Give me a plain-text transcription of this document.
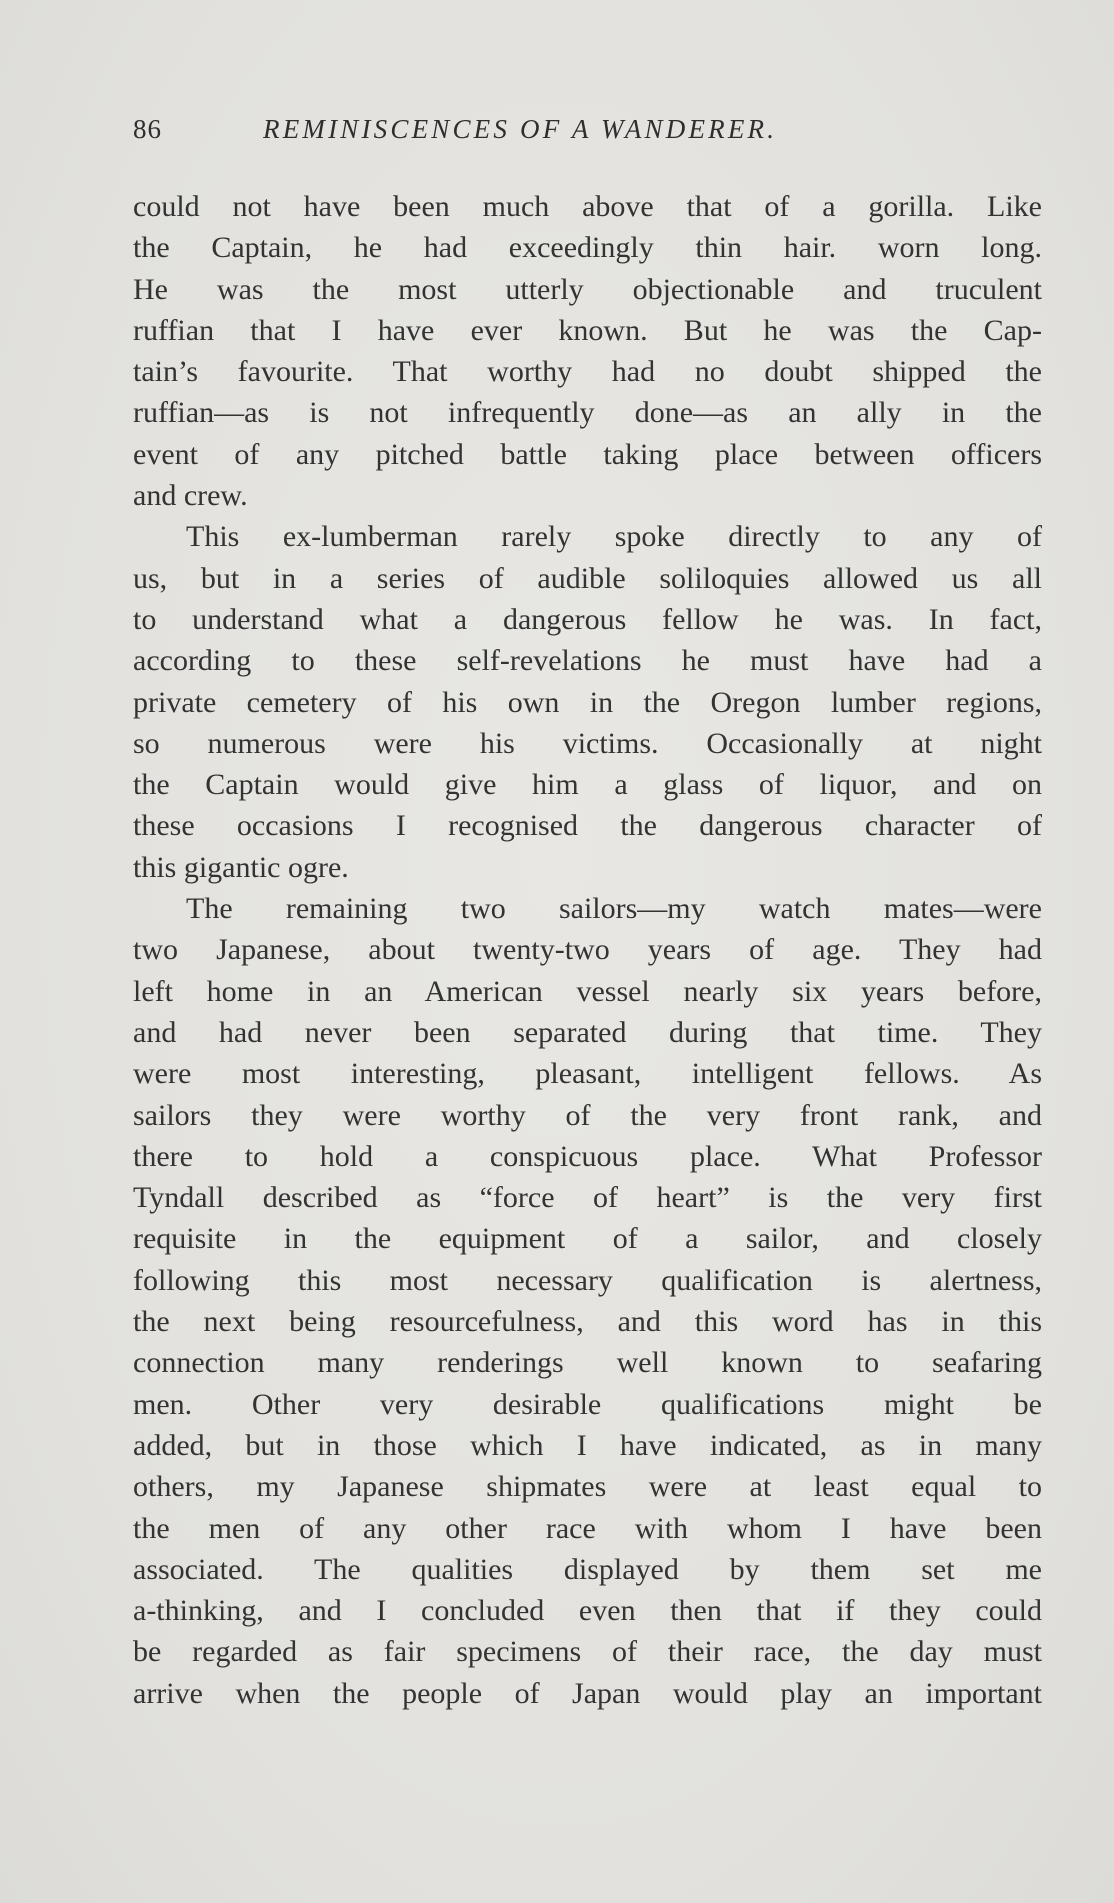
86	REMINISCENCES OF A WANDERER.
could not have been much above that of a gorilla. Like
the Captain, he had exceedingly thin hair. worn long.
He was the most utterly objectionable and truculent
ruffian that I have ever known. But he was the Cap-
tain’s favourite. That worthy had no doubt shipped the
ruffian—as is not infrequently done—as an ally in the
event of any pitched battle taking place between officers
and crew.
This ex-lumberman rarely spoke directly to any of
us, but in a series of audible soliloquies allowed us all
to understand what a dangerous fellow he was. In fact,
according to these self-revelations he must have had a
private cemetery of his own in the Oregon lumber regions,
so numerous were his victims. Occasionally at night
the Captain would give him a glass of liquor, and on
these occasions I recognised the dangerous character of
this gigantic ogre.
The remaining two sailors—my watch mates—were
two Japanese, about twenty-two years of age. They had
left home in an American vessel nearly six years before,
and had never been separated during that time. They
were most interesting, pleasant, intelligent fellows. As
sailors they were worthy of the very front rank, and
there to hold a conspicuous place. What Professor
Tyndall described as “force of heart” is the very first
requisite in the equipment of a sailor, and closely
following this most necessary qualification is alertness,
the next being resourcefulness, and this word has in this
connection many renderings well known to seafaring
men. Other very desirable qualifications might be
added, but in those which I have indicated, as in many
others, my Japanese shipmates were at least equal to
the men of any other race with whom I have been
associated. The qualities displayed by them set me
a-thinking, and I concluded even then that if they could
be regarded as fair specimens of their race, the day must
arrive when the people of Japan would play an important
